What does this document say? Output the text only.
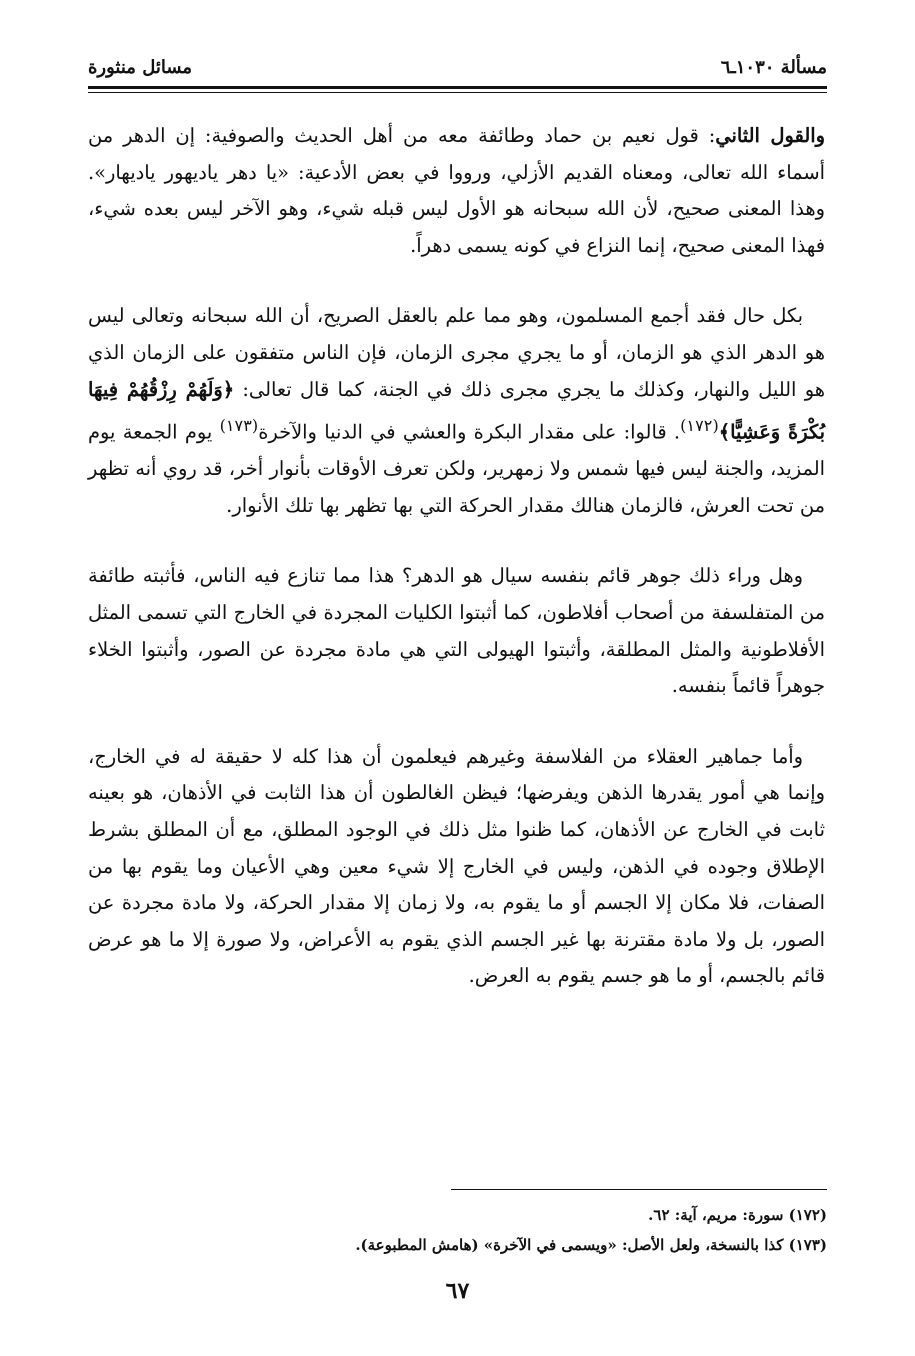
مسألة ١٠٣٠ـ٦
مسائل منثورة

والقول الثاني: قول نعيم بن حماد وطائفة معه من أهل الحديث والصوفية: إن الدهر من أسماء الله تعالى، ومعناه القديم الأزلي، ورووا في بعض الأدعية: «يا دهر ياديهور ياديهار». وهذا المعنى صحيح، لأن الله سبحانه هو الأول ليس قبله شيء، وهو الآخر ليس بعده شيء، فهذا المعنى صحيح، إنما النزاع في كونه يسمى دهراً.

بكل حال فقد أجمع المسلمون، وهو مما علم بالعقل الصريح، أن الله سبحانه وتعالى ليس هو الدهر الذي هو الزمان، أو ما يجري مجرى الزمان، فإن الناس متفقون على الزمان الذي هو الليل والنهار، وكذلك ما يجري مجرى ذلك في الجنة، كما قال تعالى: ﴿وَلَهُمْ رِزْقُهُمْ فِيهَا بُكْرَةً وَعَشِيًّا﴾$^{(١٧٢)}$. قالوا: على مقدار البكرة والعشي في الدنيا والآخرة$^{(١٧٣)}$ يوم الجمعة يوم المزيد، والجنة ليس فيها شمس ولا زمهرير، ولكن تعرف الأوقات بأنوار أخر، قد روي أنه تظهر من تحت العرش، فالزمان هنالك مقدار الحركة التي بها تظهر بها تلك الأنوار.

وهل وراء ذلك جوهر قائم بنفسه سيال هو الدهر؟ هذا مما تنازع فيه الناس، فأثبته طائفة من المتفلسفة من أصحاب أفلاطون، كما أثبتوا الكليات المجردة في الخارج التي تسمى المثل الأفلاطونية والمثل المطلقة، وأثبتوا الهيولى التي هي مادة مجردة عن الصور، وأثبتوا الخلاء جوهراً قائماً بنفسه.

وأما جماهير العقلاء من الفلاسفة وغيرهم فيعلمون أن هذا كله لا حقيقة له في الخارج، وإنما هي أمور يقدرها الذهن ويفرضها؛ فيظن الغالطون أن هذا الثابت في الأذهان، هو بعينه ثابت في الخارج عن الأذهان، كما ظنوا مثل ذلك في الوجود المطلق، مع أن المطلق بشرط الإطلاق وجوده في الذهن، وليس في الخارج إلا شيء معين وهي الأعيان وما يقوم بها من الصفات، فلا مكان إلا الجسم أو ما يقوم به، ولا زمان إلا مقدار الحركة، ولا مادة مجردة عن الصور، بل ولا مادة مقترنة بها غير الجسم الذي يقوم به الأعراض، ولا صورة إلا ما هو عرض قائم بالجسم، أو ما هو جسم يقوم به العرض.

(١٧٢) سورة: مريم، آية: ٦٢.
(١٧٣) كذا بالنسخة، ولعل الأصل: «ويسمى في الآخرة» (هامش المطبوعة).
٦٧
